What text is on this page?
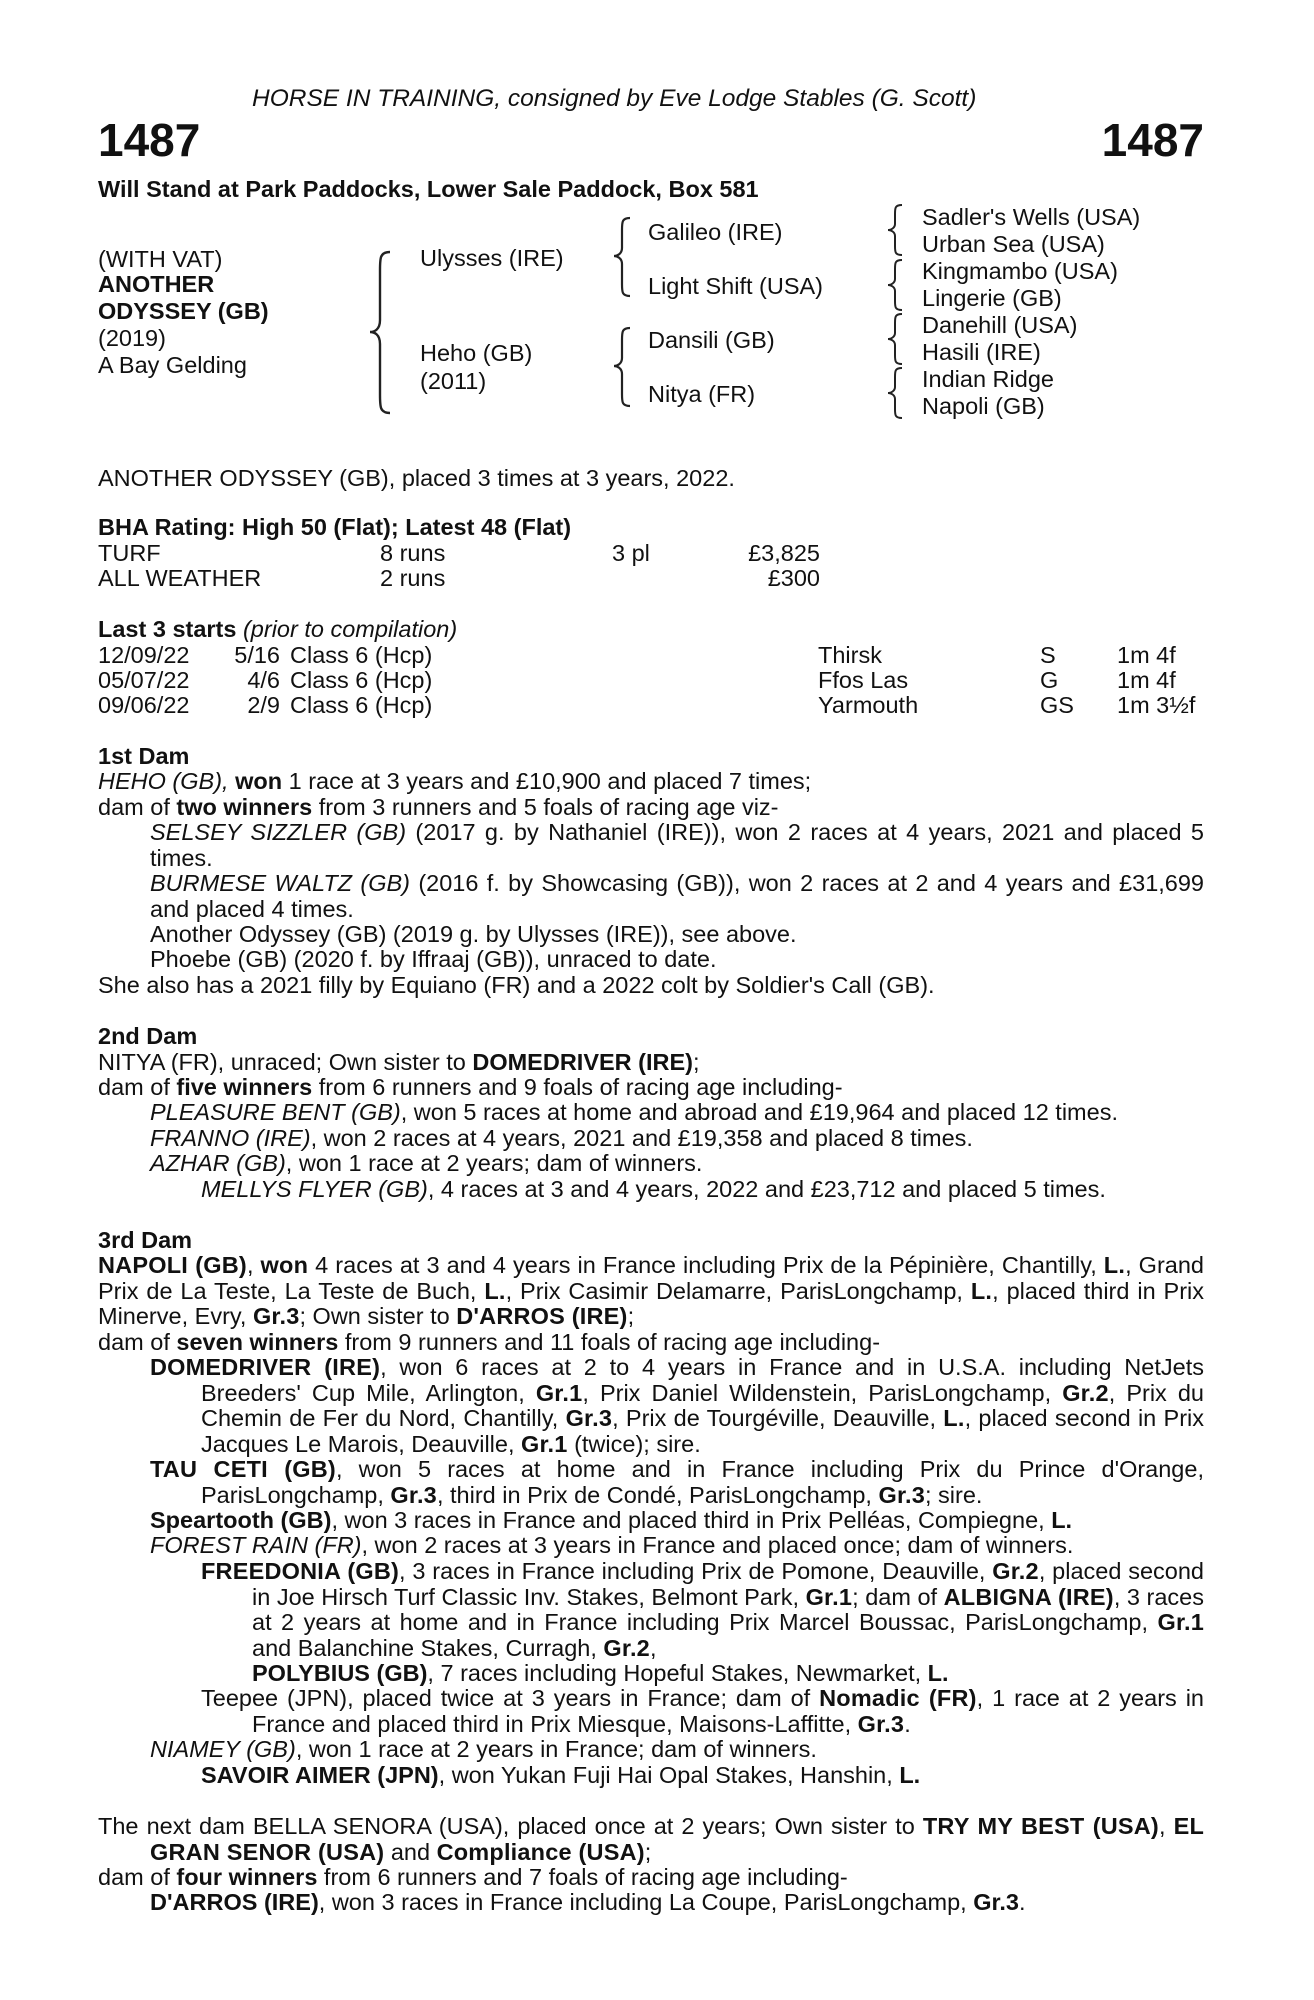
HORSE IN TRAINING, consigned by Eve Lodge Stables (G. Scott)
1487	1487
Will Stand at Park Paddocks, Lower Sale Paddock, Box 581
(WITH VAT)
ANOTHER
ODYSSEY (GB)
(2019)
A Bay Gelding
Ulysses (IRE)
Heho (GB)
(2011)
Galileo (IRE)
Light Shift (USA)
Dansili (GB)
Nitya (FR)
Sadler's Wells (USA)
Urban Sea (USA)
Kingmambo (USA)
Lingerie (GB)
Danehill (USA)
Hasili (IRE)
Indian Ridge
Napoli (GB)
ANOTHER ODYSSEY (GB), placed 3 times at 3 years, 2022.
BHA Rating: High 50 (Flat); Latest 48 (Flat)
TURF	8 runs	3 pl	£3,825
ALL WEATHER	2 runs	£300
Last 3 starts (prior to compilation)
12/09/22	5/16 Class 6 (Hcp)	Thirsk	S	1m 4f
05/07/22	4/6 Class 6 (Hcp)	Ffos Las	G 1m 4f
09/06/22	2/9 Class 6 (Hcp)	Yarmouth	GS 1m 3½f
1st Dam
HEHO (GB), won 1 race at 3 years and £10,900 and placed 7 times;
dam of two winners from 3 runners and 5 foals of racing age viz-
SELSEY SIZZLER (GB) (2017 g. by Nathaniel (IRE)), won 2 races at 4 years, 2021 and placed 5 times.
BURMESE WALTZ (GB) (2016 f. by Showcasing (GB)), won 2 races at 2 and 4 years and £31,699 and placed 4 times.
Another Odyssey (GB) (2019 g. by Ulysses (IRE)), see above.
Phoebe (GB) (2020 f. by Iffraaj (GB)), unraced to date.
She also has a 2021 filly by Equiano (FR) and a 2022 colt by Soldier's Call (GB).
2nd Dam
NITYA (FR), unraced; Own sister to DOMEDRIVER (IRE);
dam of five winners from 6 runners and 9 foals of racing age including-
PLEASURE BENT (GB), won 5 races at home and abroad and £19,964 and placed 12 times.
FRANNO (IRE), won 2 races at 4 years, 2021 and £19,358 and placed 8 times.
AZHAR (GB), won 1 race at 2 years; dam of winners.
MELLYS FLYER (GB), 4 races at 3 and 4 years, 2022 and £23,712 and placed 5 times.
3rd Dam
NAPOLI (GB), won 4 races at 3 and 4 years in France including Prix de la Pépinière, Chantilly, L., Grand Prix de La Teste, La Teste de Buch, L., Prix Casimir Delamarre, ParisLongchamp, L., placed third in Prix Minerve, Evry, Gr.3; Own sister to D'ARROS (IRE);
dam of seven winners from 9 runners and 11 foals of racing age including-
DOMEDRIVER (IRE), won 6 races at 2 to 4 years in France and in U.S.A. including NetJets Breeders' Cup Mile, Arlington, Gr.1, Prix Daniel Wildenstein, ParisLongchamp, Gr.2, Prix du Chemin de Fer du Nord, Chantilly, Gr.3, Prix de Tourgéville, Deauville, L., placed second in Prix Jacques Le Marois, Deauville, Gr.1 (twice); sire.
TAU CETI (GB), won 5 races at home and in France including Prix du Prince d'Orange, ParisLongchamp, Gr.3, third in Prix de Condé, ParisLongchamp, Gr.3; sire.
Speartooth (GB), won 3 races in France and placed third in Prix Pelléas, Compiegne, L.
FOREST RAIN (FR), won 2 races at 3 years in France and placed once; dam of winners.
FREEDONIA (GB), 3 races in France including Prix de Pomone, Deauville, Gr.2, placed second in Joe Hirsch Turf Classic Inv. Stakes, Belmont Park, Gr.1; dam of ALBIGNA (IRE), 3 races at 2 years at home and in France including Prix Marcel Boussac, ParisLongchamp, Gr.1 and Balanchine Stakes, Curragh, Gr.2,
POLYBIUS (GB), 7 races including Hopeful Stakes, Newmarket, L.
Teepee (JPN), placed twice at 3 years in France; dam of Nomadic (FR), 1 race at 2 years in France and placed third in Prix Miesque, Maisons-Laffitte, Gr.3.
NIAMEY (GB), won 1 race at 2 years in France; dam of winners.
SAVOIR AIMER (JPN), won Yukan Fuji Hai Opal Stakes, Hanshin, L.
The next dam BELLA SENORA (USA), placed once at 2 years; Own sister to TRY MY BEST (USA), EL GRAN SENOR (USA) and Compliance (USA);
dam of four winners from 6 runners and 7 foals of racing age including-
D'ARROS (IRE), won 3 races in France including La Coupe, ParisLongchamp, Gr.3.
